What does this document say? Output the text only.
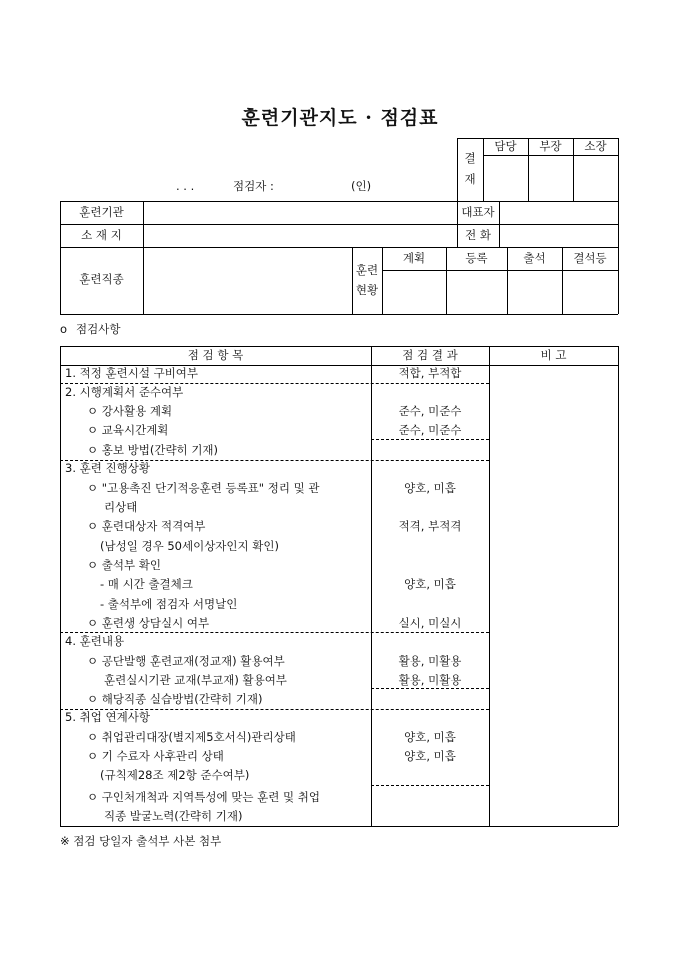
훈련기관지도 · 점검표
결
재
담당	부장	소장
. . .	점검자 :	(인)
훈련기관	대표자
소 재 지	전 화
훈련직종
훈련
현황
계획	등록	출석	결석등
o 점검사항
점 검 항 목	점 검 결 과	비 고
1. 적정 훈련시설 구비여부	적합, 부적합
2. 시행계획서 준수여부
ㅇ 강사활용 계획	준수, 미준수
ㅇ 교육시간계획	준수, 미준수
ㅇ 홍보 방법(간략히 기재)
3. 훈련 진행상황
ㅇ "고용촉진 단기적응훈련 등록표" 정리 및 관	양호, 미흡
리상태
ㅇ 훈련대상자 적격여부	적격, 부적격
(남성일 경우 50세이상자인지 확인)
ㅇ 출석부 확인
- 매 시간 출결체크	양호, 미흡
- 출석부에 점검자 서명날인
ㅇ 훈련생 상담실시 여부	실시, 미실시
4. 훈련내용
ㅇ 공단발행 훈련교재(정교재) 활용여부	활용, 미활용
훈련실시기관 교재(부교재) 활용여부	활용, 미활용
ㅇ 해당직종 실습방법(간략히 기재)
5. 취업 연계사항
ㅇ 취업관리대장(별지제5호서식)관리상태	양호, 미흡
ㅇ 기 수료자 사후관리 상태	양호, 미흡
(규칙제28조 제2항 준수여부)
ㅇ 구인처개척과 지역특성에 맞는 훈련 및 취업
직종 발굴노력(간략히 기재)
※ 점검 당일자 출석부 사본 첨부
